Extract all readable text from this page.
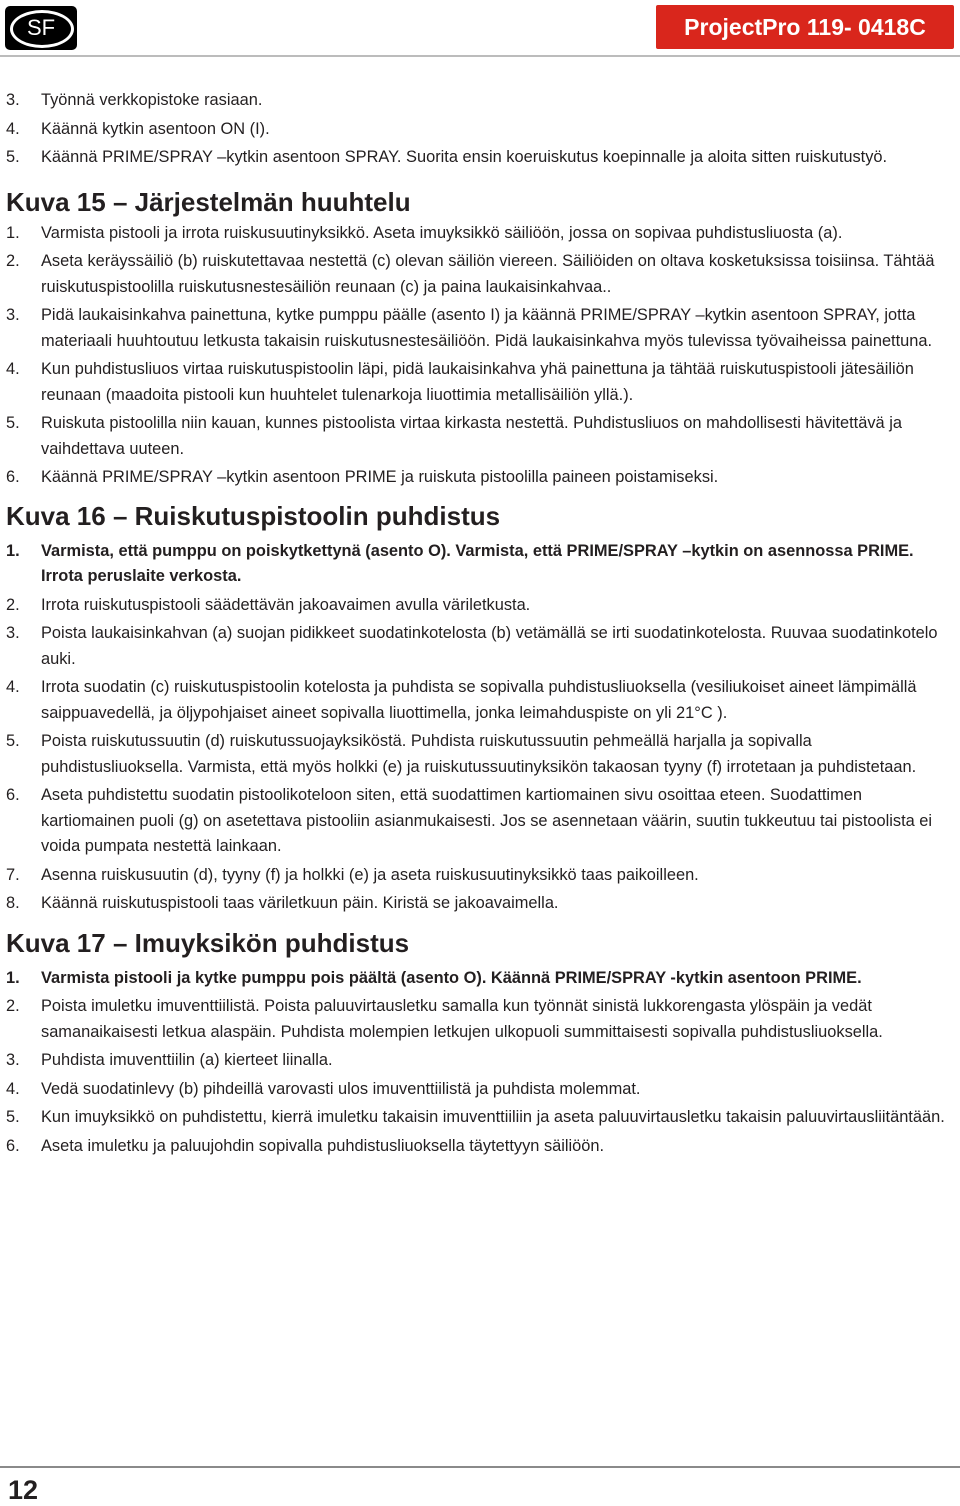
SF	ProjectPro 119- 0418C
3.	Työnnä verkkopistoke rasiaan.
4.	Käännä kytkin asentoon ON (I).
5.	Käännä PRIME/SPRAY –kytkin asentoon SPRAY. Suorita ensin koeruiskutus koepinnalle ja aloita sitten ruiskutustyö.
Kuva 15 – Järjestelmän huuhtelu
1.	Varmista pistooli ja irrota ruiskusuutinyksikkö. Aseta imuyksikkö säiliöön, jossa on sopivaa puhdistusliuosta (a).
2.	Aseta keräyssäiliö (b) ruiskutettavaa nestettä (c) olevan säiliön viereen. Säiliöiden on oltava kosketuksissa toisiinsa. Tähtää ruiskutuspistoolilla ruiskutusnestesäiliön reunaan (c) ja paina laukaisinkahvaa..
3.	Pidä laukaisinkahva painettuna, kytke pumppu päälle (asento I) ja käännä PRIME/SPRAY –kytkin asentoon SPRAY, jotta materiaali huuhtoutuu letkusta takaisin ruiskutusnestesäiliöön. Pidä laukaisinkahva myös tulevissa työvaiheissa painettuna.
4.	Kun puhdistusliuos virtaa ruiskutuspistoolin läpi, pidä laukaisinkahva yhä painettuna ja tähtää ruiskutuspistooli jätesäiliön reunaan (maadoita pistooli kun huuhtelet tulenarkoja liuottimia metallisäiliön yllä.).
5.	Ruiskuta pistoolilla niin kauan, kunnes pistoolista virtaa kirkasta nestettä. Puhdistusliuos on mahdollisesti hävitettävä ja vaihdettava uuteen.
6.	Käännä PRIME/SPRAY –kytkin asentoon PRIME ja ruiskuta pistoolilla paineen poistamiseksi.
Kuva 16 – Ruiskutuspistoolin puhdistus
1.	Varmista, että pumppu on poiskytkettynä (asento O). Varmista, että PRIME/SPRAY –kytkin on asennossa PRIME. Irrota peruslaite verkosta.
2.	Irrota ruiskutuspistooli säädettävän jakoavaimen avulla väriletkusta.
3.	Poista laukaisinkahvan (a) suojan pidikkeet suodatinkotelosta (b) vetämällä se irti suodatinkotelosta. Ruuvaa suodatinkotelo auki.
4.	Irrota suodatin (c) ruiskutuspistoolin kotelosta ja puhdista se sopivalla puhdistusliuoksella (vesiliukoiset aineet lämpimällä saippuavedellä, ja öljypohjaiset aineet sopivalla liuottimella, jonka leimahduspiste on yli 21°C ).
5.	Poista ruiskutussuutin (d) ruiskutussuojayksiköstä. Puhdista ruiskutussuutin pehmeällä harjalla ja sopivalla puhdistusliuoksella. Varmista, että myös holkki (e) ja ruiskutussuutinyksikön takaosan tyyny (f) irrotetaan ja puhdistetaan.
6.	Aseta puhdistettu suodatin pistoolikoteloon siten, että suodattimen kartiomainen sivu osoittaa eteen. Suodattimen kartiomainen puoli (g) on asetettava pistooliin asianmukaisesti. Jos se asennetaan väärin, suutin tukkeutuu tai pistoolista ei voida pumpata nestettä lainkaan.
7.	Asenna ruiskusuutin (d), tyyny (f) ja holkki (e) ja aseta ruiskusuutinyksikkö taas paikoilleen.
8.	Käännä ruiskutuspistooli taas väriletkuun päin. Kiristä se jakoavaimella.
Kuva 17 – Imuyksikön puhdistus
1.	Varmista pistooli ja kytke pumppu pois päältä (asento O). Käännä PRIME/SPRAY -kytkin asentoon PRIME.
2.	Poista imuletku imuventtiilistä. Poista paluuvirtausletku samalla kun työnnät sinistä lukkorengasta ylöspäin ja vedät samanaikaisesti letkua alaspäin. Puhdista molempien letkujen ulkopuoli summittaisesti sopivalla puhdistusliuoksella.
3.	Puhdista imuventtiilin (a) kierteet liinalla.
4.	Vedä suodatinlevy (b) pihdeillä varovasti ulos imuventtiilistä ja puhdista molemmat.
5.	Kun imuyksikkö on puhdistettu, kierrä imuletku takaisin imuventtiiliin ja aseta paluuvirtausletku takaisin paluuvirtausliitäntään.
6.	Aseta imuletku ja paluujohdin sopivalla puhdistusliuoksella täytettyyn säiliöön.
12
